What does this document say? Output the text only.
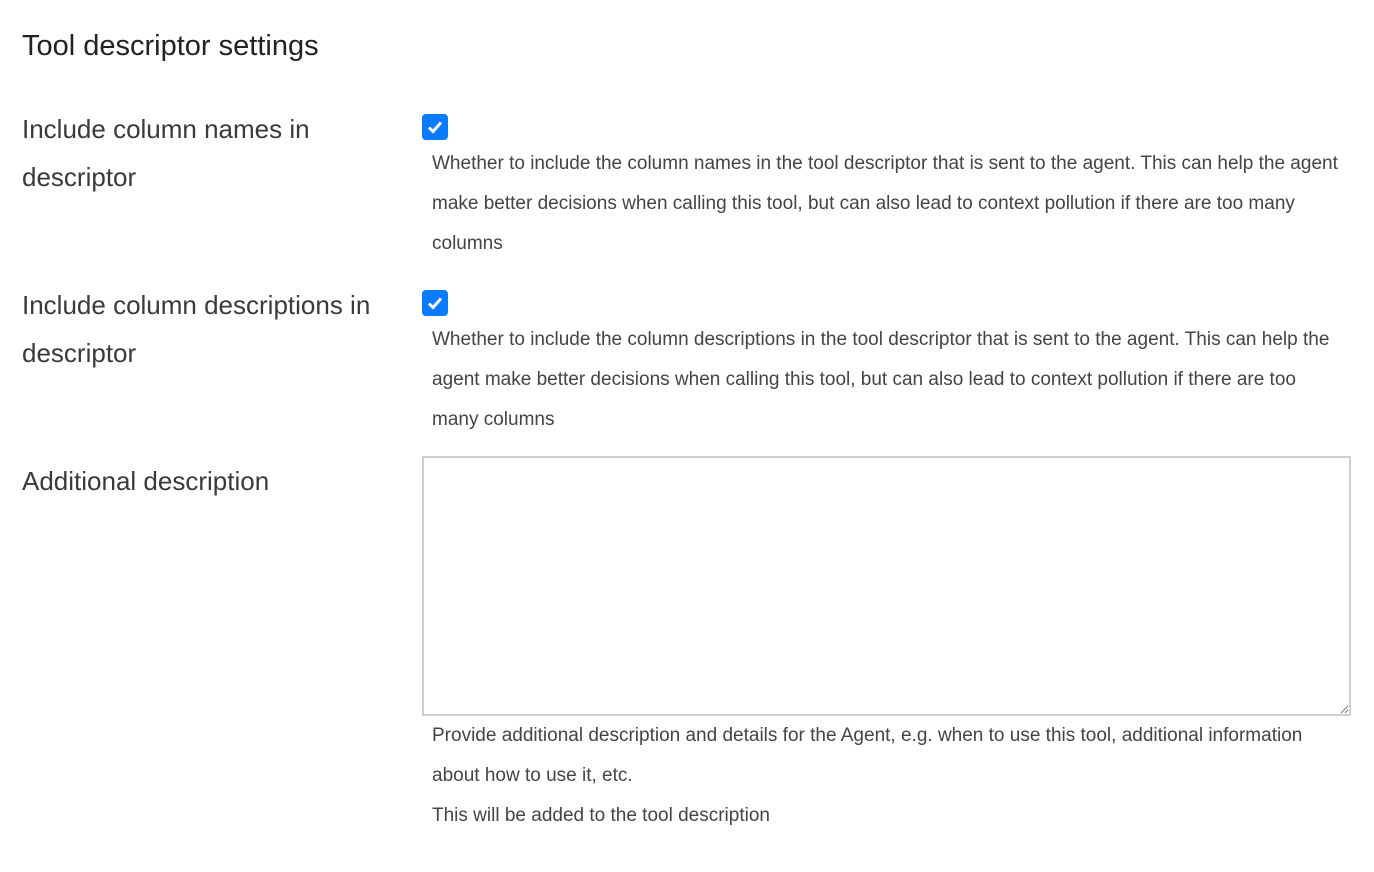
Tool descriptor settings
Include column names in descriptor	Whether to include the column names in the tool descriptor that is sent to the agent. This can help the agent make better decisions when calling this tool, but can also lead to context pollution if there are too many columns
Include column descriptions in descriptor	Whether to include the column descriptions in the tool descriptor that is sent to the agent. This can help the agent make better decisions when calling this tool, but can also lead to context pollution if there are too many columns
Additional description
Provide additional description and details for the Agent, e.g. when to use this tool, additional information about how to use it, etc.
This will be added to the tool description
